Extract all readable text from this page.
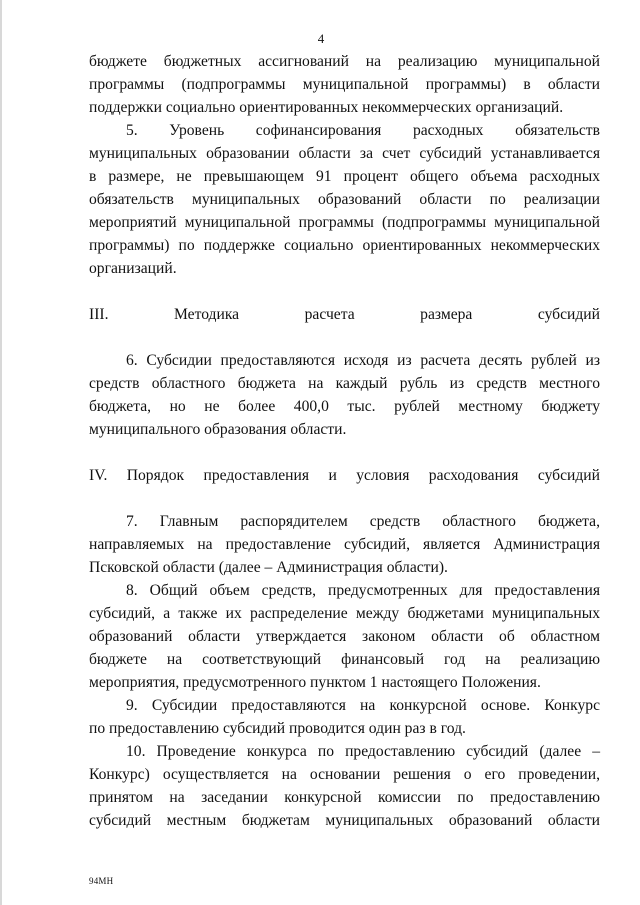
4

бюджете бюджетных ассигнований на реализацию муниципальной

программы (подпрограммы муниципальной программы) в области

поддержки социально ориентированных некоммерческих организаций.

5. Уровень софинансирования расходных обязательств

муниципальных образовании области за счет субсидий устанавливается

в размере, не превышающем 91 процент общего объема расходных

обязательств муниципальных образований области по реализации

мероприятий муниципальной программы (подпрограммы муниципальной

программы) по поддержке социально ориентированных некоммерческих

организаций.

III. Методика расчета размера субсидий

6. Субсидии предоставляются исходя из расчета десять рублей из

средств областного бюджета на каждый рубль из средств местного

бюджета, но не более 400,0 тыс. рублей местному бюджету

муниципального образования области.

IV. Порядок предоставления и условия расходования субсидий

7. Главным распорядителем средств областного бюджета,

направляемых на предоставление субсидий, является Администрация

Псковской области (далее – Администрация области).

8. Общий объем средств, предусмотренных для предоставления

субсидий, а также их распределение между бюджетами муниципальных

образований области утверждается законом области об областном

бюджете на соответствующий финансовый год на реализацию

мероприятия, предусмотренного пунктом 1 настоящего Положения.

9. Субсидии предоставляются на конкурсной основе. Конкурс

по предоставлению субсидий проводится один раз в год.

10. Проведение конкурса по предоставлению субсидий (далее –

Конкурс) осуществляется на основании решения о его проведении,

принятом на заседании конкурсной комиссии по предоставлению

субсидий местным бюджетам муниципальных образований области

94МН
